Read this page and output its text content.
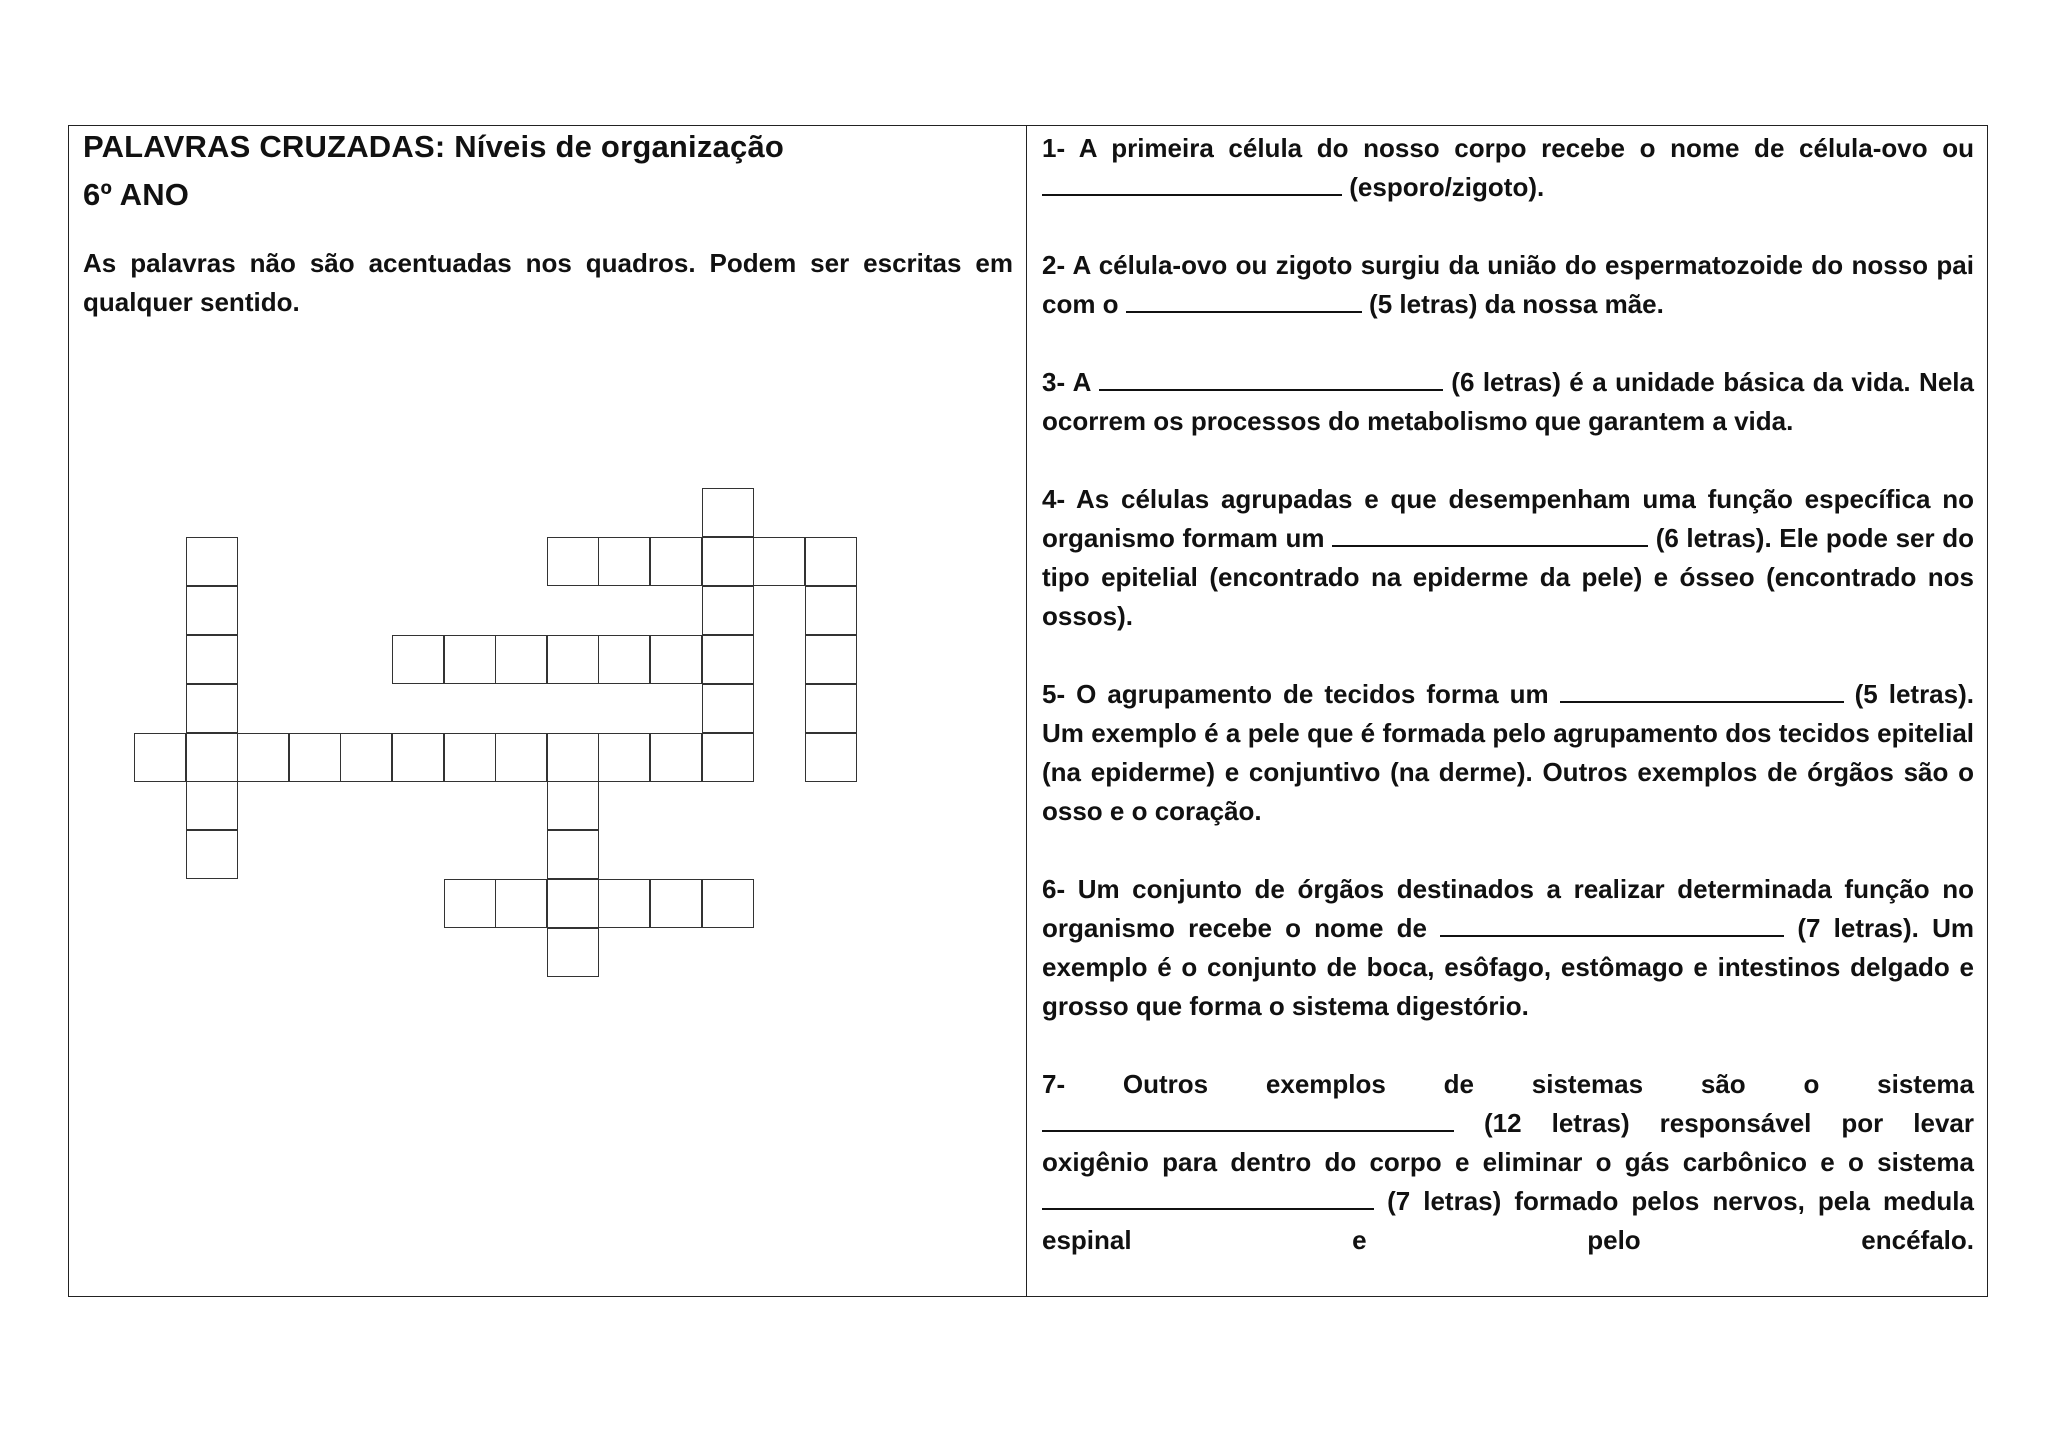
PALAVRAS CRUZADAS: Níveis de organização
6º ANO
As palavras não são acentuadas nos quadros. Podem ser escritas em qualquer sentido.
1- A primeira célula do nosso corpo recebe o nome de célula-ovo ou  (esporo/zigoto).
2- A célula-ovo ou zigoto surgiu da união do espermatozoide do nosso pai com o	(5 letras) da nossa mãe.
3- A	(6 letras) é a unidade básica da vida. Nela ocorrem os processos do metabolismo que garantem a vida.
4- As células agrupadas e que desempenham uma função específica no organismo formam um	(6 letras). Ele pode ser do tipo epitelial (encontrado na epiderme da pele) e ósseo (encontrado nos ossos).
5- O agrupamento de tecidos forma um	(5 letras). Um exemplo é a pele que é formada pelo agrupamento dos tecidos epitelial (na epiderme) e conjuntivo (na derme). Outros exemplos de órgãos são o osso e o coração.
6- Um conjunto de órgãos destinados a realizar determinada função no organismo recebe o nome de	(7 letras). Um exemplo é o conjunto de boca, esôfago, estômago e intestinos delgado e grosso que forma o sistema digestório.
7- Outros exemplos de sistemas são o sistema  (12 letras) responsável por levar oxigênio para dentro do corpo e eliminar o gás carbônico e o sistema  (7 letras) formado pelos nervos, pela medula espinal e pelo encéfalo.
